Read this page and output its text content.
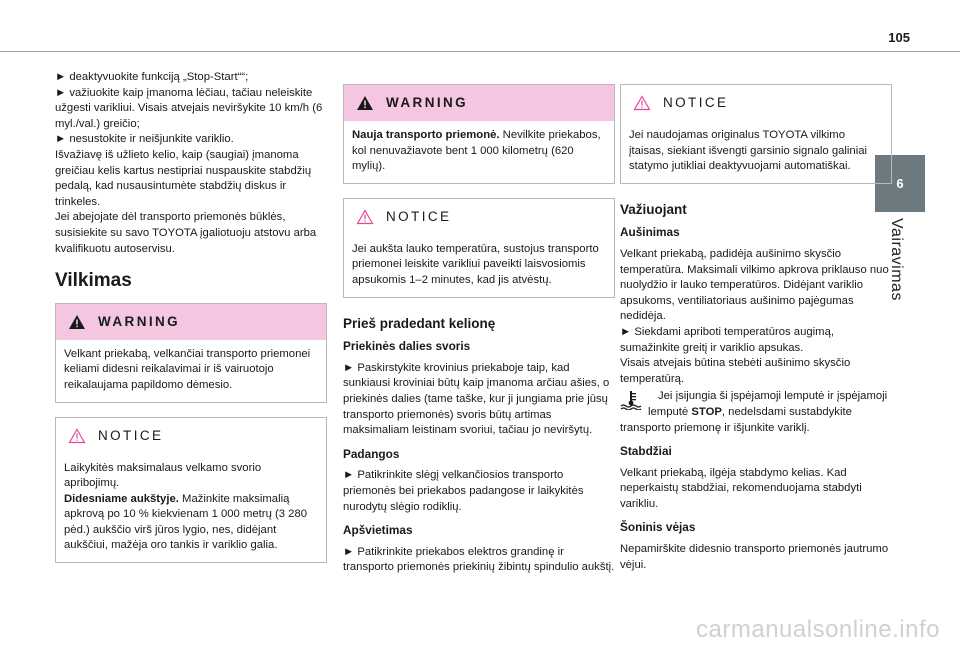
105
6
Vairavimas
► deaktyvuokite funkciją „Stop-Start““;
► važiuokite kaip įmanoma lėčiau, tačiau neleiskite užgesti varikliui. Visais atvejais neviršykite 10 km/h (6 myl./val.) greičio;
► nesustokite ir neišjunkite variklio.
Išvažiavę iš užlieto kelio, kaip (saugiai) įmanoma greičiau kelis kartus nestipriai nuspauskite stabdžių pedalą, kad nusausintumėte stabdžių diskus ir trinkeles.
Jei abejojate dėl transporto priemonės būklės, susisiekite su savo TOYOTA įgaliotuoju atstovu arba kvalifikuotu autoservisu.
Vilkimas
WARNING
Velkant priekabą, velkančiai transporto priemonei keliami didesni reikalavimai ir iš vairuotojo reikalaujama papildomo dėmesio.
NOTICE
Laikykitės maksimalaus velkamo svorio apribojimų.
Didesniame aukštyje. Mažinkite maksimalią apkrovą po 10 % kiekvienam 1 000 metrų (3 280 pėd.) aukščio virš jūros lygio, nes, didėjant aukščiui, mažėja oro tankis ir variklio galia.
WARNING
Nauja transporto priemonė. Nevilkite priekabos, kol nenuvažiavote bent 1 000 kilometrų (620 mylių).
NOTICE
Jei aukšta lauko temperatūra, sustojus transporto priemonei leiskite varikliui paveikti laisvosiomis apsukomis 1–2 minutes, kad jis atvėstų.
Prieš pradedant kelionę
Priekinės dalies svoris
► Paskirstykite krovinius priekaboje taip, kad sunkiausi kroviniai būtų kaip įmanoma arčiau ašies, o priekinės dalies (tame taške, kur ji jungiama prie jūsų transporto priemonės) svoris būtų artimas maksimaliam leistinam svoriui, tačiau jo neviršytų.
Padangos
► Patikrinkite slėgį velkančiosios transporto priemonės bei priekabos padangose ir laikykitės nurodytų slėgio rodiklių.
Apšvietimas
► Patikrinkite priekabos elektros grandinę ir transporto priemonės priekinių žibintų spindulio aukštį.
NOTICE
Jei naudojamas originalus TOYOTA vilkimo įtaisas, siekiant išvengti garsinio signalo galiniai statymo jutikliai deaktyvuojami automatiškai.
Važiuojant
Aušinimas
Velkant priekabą, padidėja aušinimo skysčio temperatūra. Maksimali vilkimo apkrova priklauso nuo nuolydžio ir lauko temperatūros. Didėjant variklio apsukoms, ventiliatoriaus aušinimo pajėgumas nedidėja.
► Siekdami apriboti temperatūros augimą, sumažinkite greitį ir variklio apsukas.
Visais atvejais būtina stebėti aušinimo skysčio temperatūrą.
Jei įsijungia ši įspėjamoji lemputė ir įspėjamoji lemputė STOP, nedelsdami sustabdykite transporto priemonę ir išjunkite variklį.
Stabdžiai
Velkant priekabą, ilgėja stabdymo kelias. Kad neperkaistų stabdžiai, rekomenduojama stabdyti varikliu.
Šoninis vėjas
Nepamirškite didesnio transporto priemonės jautrumo vėjui.
carmanualsonline.info
